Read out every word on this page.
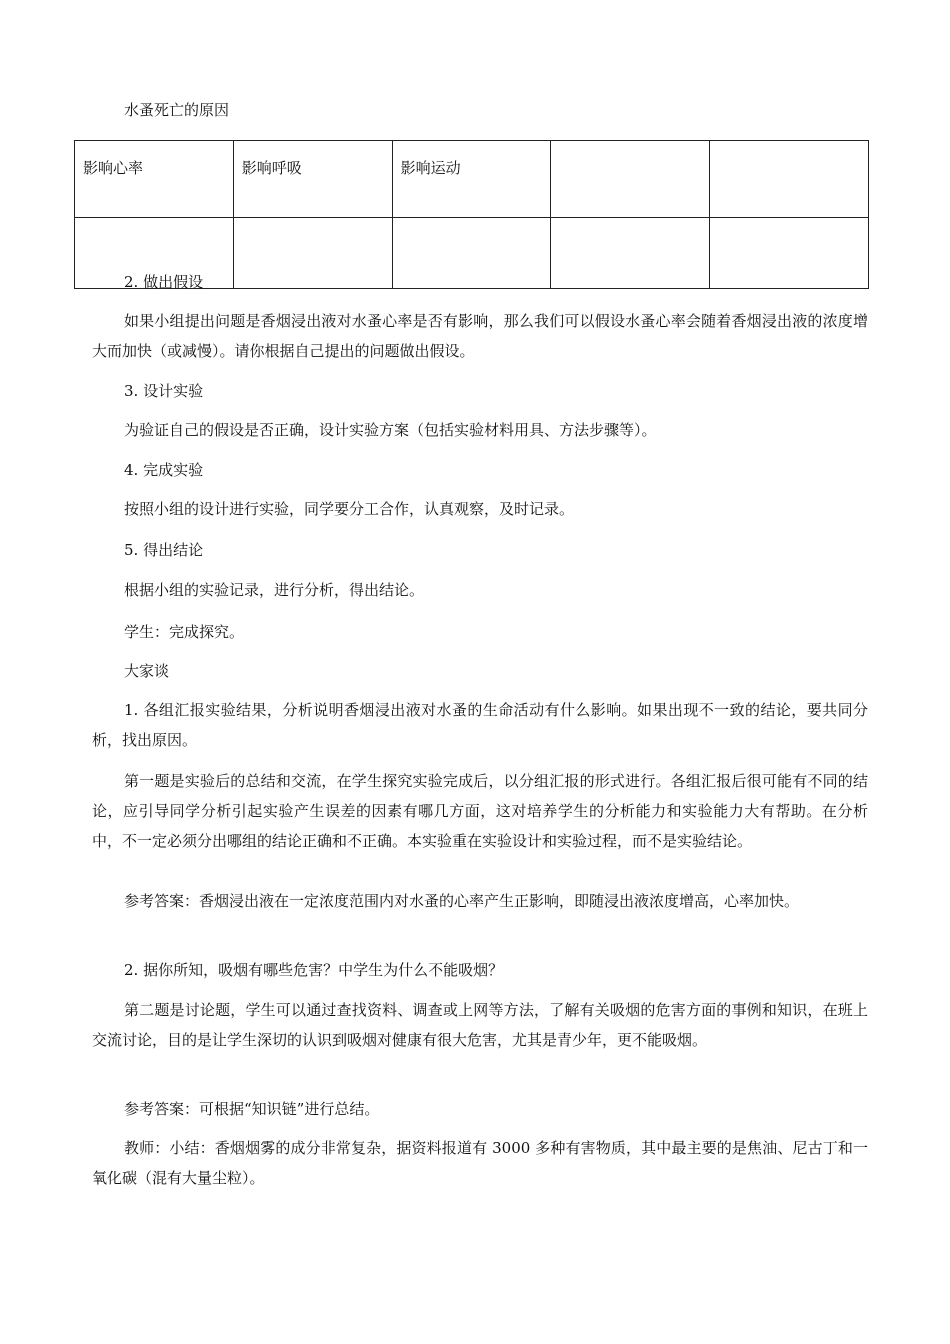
水蚤死亡的原因

影响心率	影响呼吸	影响运动		

2. 做出假设

如果小组提出问题是香烟浸出液对水蚤心率是否有影响，那么我们可以假设水蚤心率会随着香烟浸出液的浓度增大而加快（或减慢）。请你根据自己提出的问题做出假设。

3. 设计实验

为验证自己的假设是否正确，设计实验方案（包括实验材料用具、方法步骤等）。

4. 完成实验

按照小组的设计进行实验，同学要分工合作，认真观察，及时记录。

5. 得出结论

根据小组的实验记录，进行分析，得出结论。

学生：完成探究。

大家谈

1. 各组汇报实验结果，分析说明香烟浸出液对水蚤的生命活动有什么影响。如果出现不一致的结论，要共同分析，找出原因。

第一题是实验后的总结和交流，在学生探究实验完成后，以分组汇报的形式进行。各组汇报后很可能有不同的结论，应引导同学分析引起实验产生误差的因素有哪几方面，这对培养学生的分析能力和实验能力大有帮助。在分析中，不一定必须分出哪组的结论正确和不正确。本实验重在实验设计和实验过程，而不是实验结论。

参考答案：香烟浸出液在一定浓度范围内对水蚤的心率产生正影响，即随浸出液浓度增高，心率加快。

2. 据你所知，吸烟有哪些危害？中学生为什么不能吸烟？

第二题是讨论题，学生可以通过查找资料、调查或上网等方法，了解有关吸烟的危害方面的事例和知识，在班上交流讨论，目的是让学生深切的认识到吸烟对健康有很大危害，尤其是青少年，更不能吸烟。

参考答案：可根据“知识链”进行总结。

教师：小结：香烟烟雾的成分非常复杂，据资料报道有 3000 多种有害物质，其中最主要的是焦油、尼古丁和一氧化碳（混有大量尘粒）。
